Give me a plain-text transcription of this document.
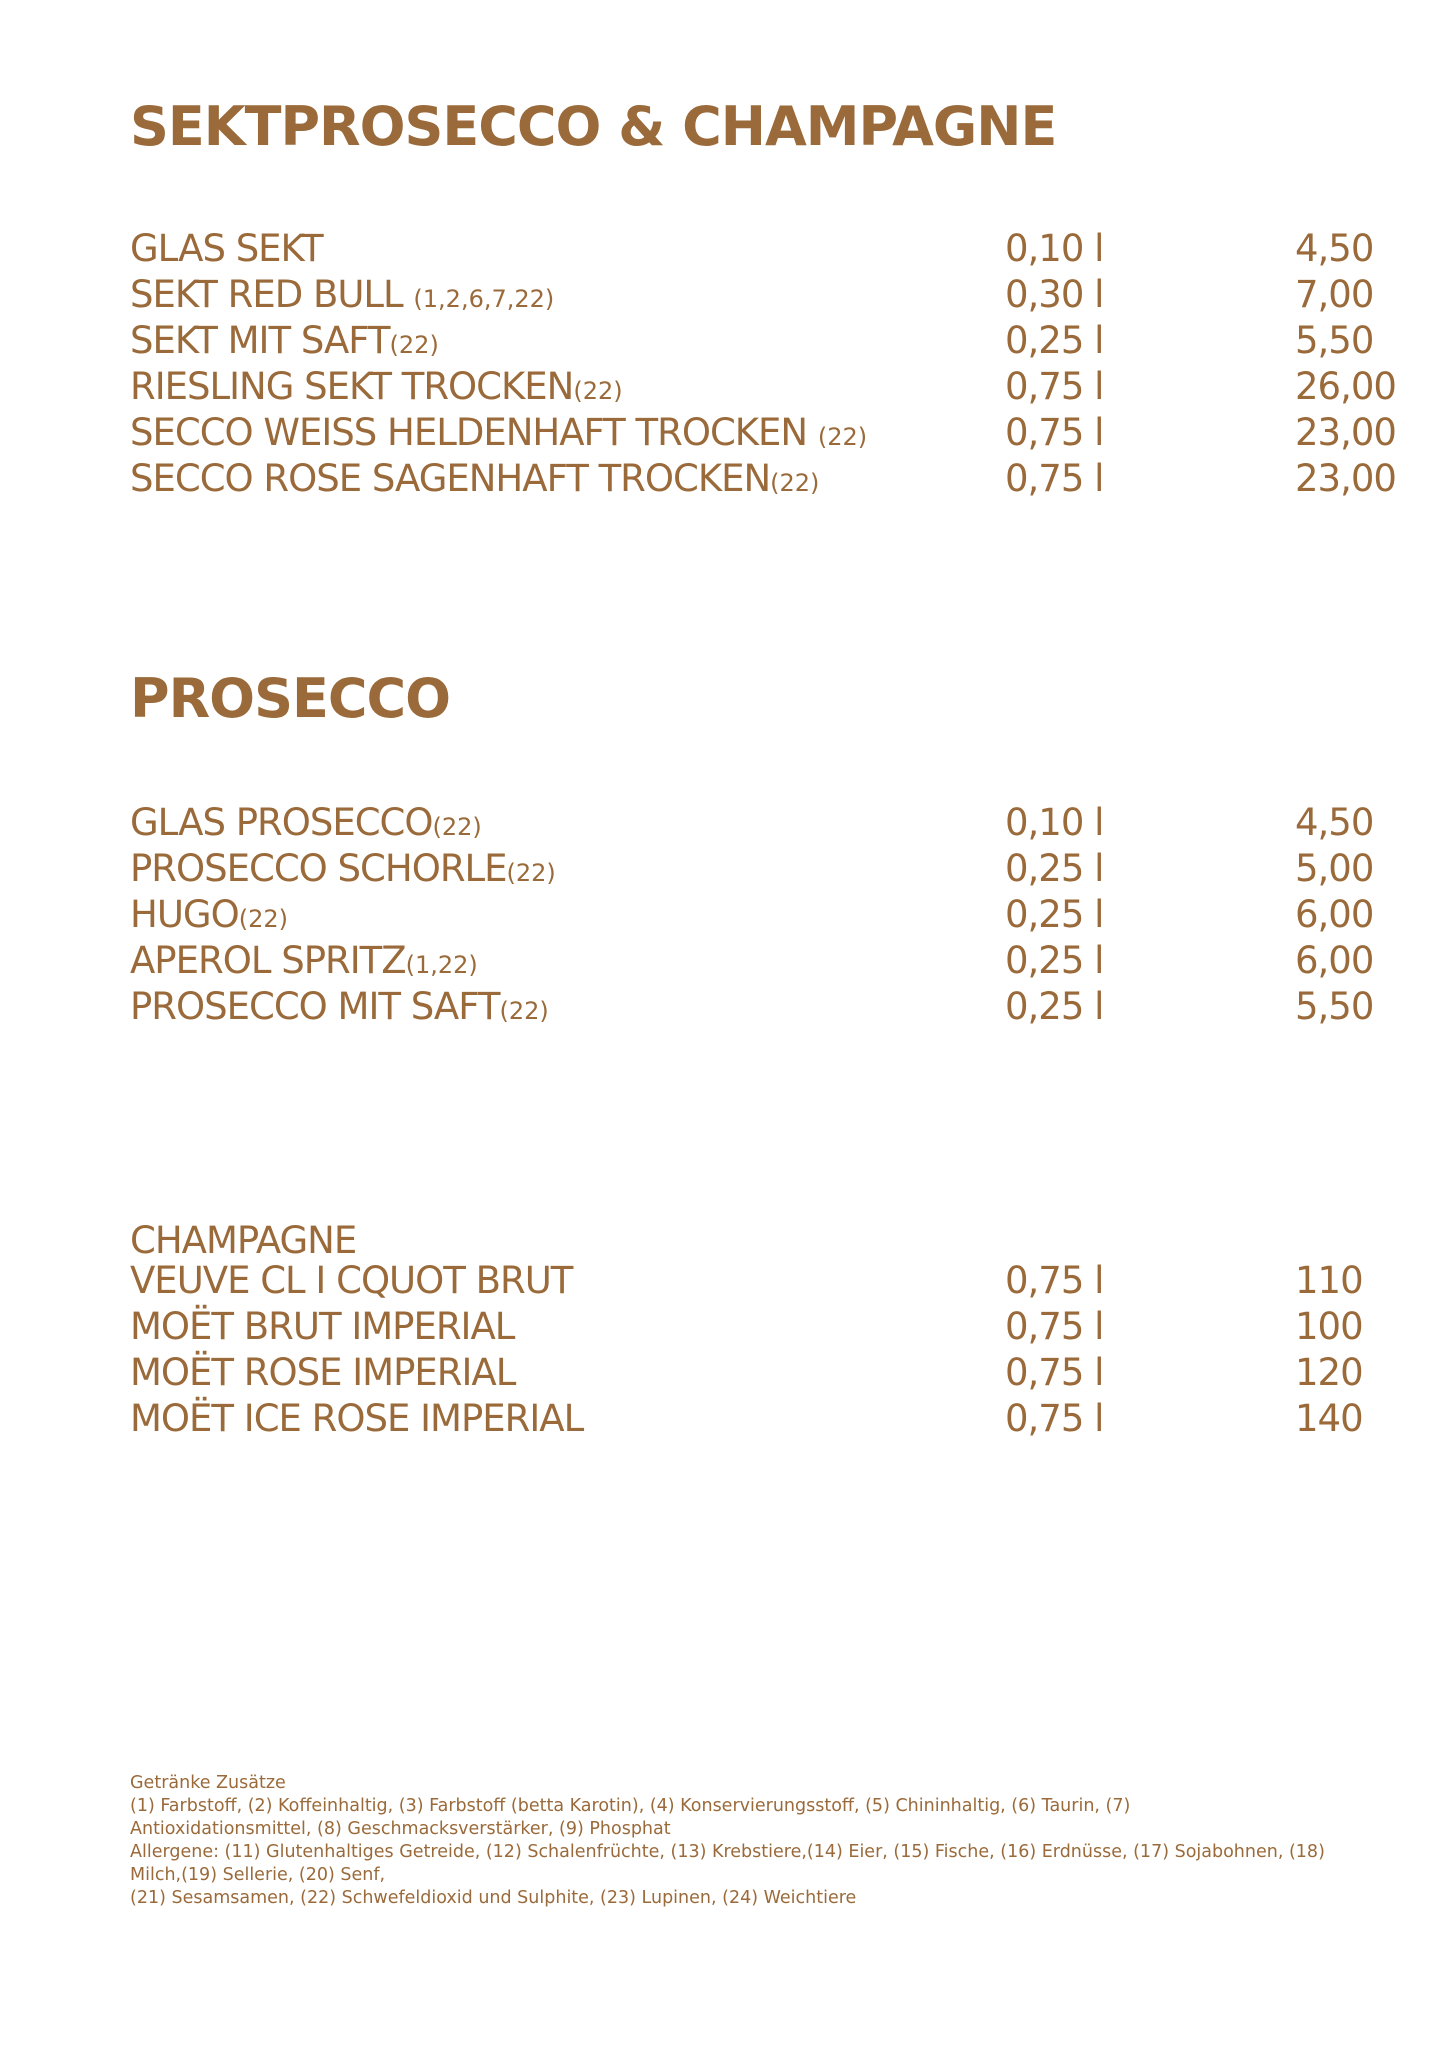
SEKTPROSECCO & CHAMPAGNE
GLAS SEKT	0,10 l	4,50
SEKT RED BULL (1,2,6,7,22)	0,30 l	7,00
SEKT MIT SAFT(22)	0,25 l	5,50
RIESLING SEKT TROCKEN(22)	0,75 l	26,00
SECCO WEISS HELDENHAFT TROCKEN (22)	0,75 l	23,00
SECCO ROSE SAGENHAFT TROCKEN(22)	0,75 l	23,00
PROSECCO
GLAS PROSECCO(22)	0,10 l	4,50
PROSECCO SCHORLE(22)	0,25 l	5,00
HUGO(22)	0,25 l	6,00
APEROL SPRITZ(1,22)	0,25 l	6,00
PROSECCO MIT SAFT(22)	0,25 l	5,50
CHAMPAGNE
VEUVE CL I CQUOT BRUT	0,75 l	110
MOËT BRUT IMPERIAL	0,75 l	100
MOËT ROSE IMPERIAL	0,75 l	120
MOËT ICE ROSE IMPERIAL	0,75 l	140
Getränke Zusätze
(1) Farbstoff, (2) Koffeinhaltig, (3) Farbstoff (betta Karotin), (4) Konservierungsstoff, (5) Chininhaltig, (6) Taurin, (7)
Antioxidationsmittel, (8) Geschmacksverstärker, (9) Phosphat
Allergene: (11) Glutenhaltiges Getreide, (12) Schalenfrüchte, (13) Krebstiere,(14) Eier, (15) Fische, (16) Erdnüsse, (17) Sojabohnen, (18)
Milch,(19) Sellerie, (20) Senf,
(21) Sesamsamen, (22) Schwefeldioxid und Sulphite, (23) Lupinen, (24) Weichtiere
